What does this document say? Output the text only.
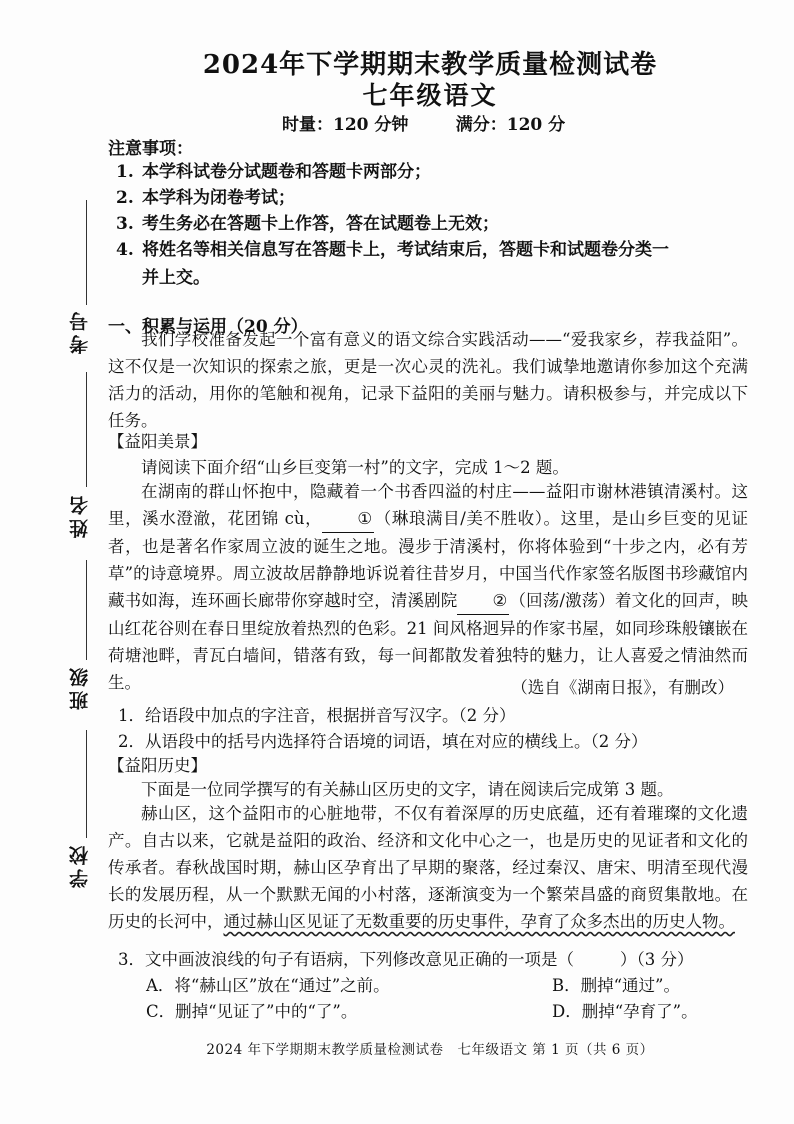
2024年下学期期末教学质量检测试卷
七年级语文
时量：120 分钟	满分：120 分
注意事项：
1. 本学科试卷分试题卷和答题卡两部分；
2. 本学科为闭卷考试；
3. 考生务必在答题卡上作答，答在试题卷上无效；
4. 将姓名等相关信息写在答题卡上，考试结束后，答题卡和试题卷分类一
并上交。
考号
姓名
班级
学校
一、积累与运用（20 分）
我们学校准备发起一个富有意义的语文综合实践活动——“爱我家乡，荐我益阳”。这不仅是一次知识的探索之旅，更是一次心灵的洗礼。我们诚挚地邀请你参加这个充满活力的活动，用你的笔触和视角，记录下益阳的美丽与魅力。请积极参与，并完成以下任务。
【益阳美景】
请阅读下面介绍“山乡巨变第一村”的文字，完成 1～2 题。
在湖南的群山怀抱中，隐藏着一个书香四溢的村庄——益阳市谢林港镇清溪村。这里，溪水澄澈，花团锦 cù， ① （琳琅满目/美不胜收）。这里，是山乡巨变的见证者，也是著名作家周立波的诞生之地。漫步于清溪村，你将体验到“十步之内，必有芳草”的诗意境界。周立波故居静静地诉说着往昔岁月，中国当代作家签名版图书珍藏馆内藏书如海，连环画长廊带你穿越时空，清溪剧院 ② （回荡/激荡）着文化的回声，映山红花谷则在春日里绽放着热烈的色彩。21 间风格迥异的作家书屋，如同珍珠般镶嵌在荷塘池畔，青瓦白墙间，错落有致，每一间都散发着独特的魅力，让人喜爱之情油然而生。	（选自《湖南日报》，有删改）
1．给语段中加点的字注音，根据拼音写汉字。（2 分）
2．从语段中的括号内选择符合语境的词语，填在对应的横线上。（2 分）
【益阳历史】
下面是一位同学撰写的有关赫山区历史的文字，请在阅读后完成第 3 题。
赫山区，这个益阳市的心脏地带，不仅有着深厚的历史底蕴，还有着璀璨的文化遗产。自古以来，它就是益阳的政治、经济和文化中心之一，也是历史的见证者和文化的传承者。春秋战国时期，赫山区孕育出了早期的聚落，经过秦汉、唐宋、明清至现代漫长的发展历程，从一个默默无闻的小村落，逐渐演变为一个繁荣昌盛的商贸集散地。在历史的长河中，通过赫山区见证了无数重要的历史事件，孕育了众多杰出的历史人物。
3．文中画波浪线的句子有语病，下列修改意见正确的一项是（	）（3 分）
A．将“赫山区”放在“通过”之前。	B．删掉“通过”。
C．删掉“见证了”中的“了”。	D．删掉“孕育了”。
2024 年下学期期末教学质量检测试卷　七年级语文 第 1 页（共 6 页）
